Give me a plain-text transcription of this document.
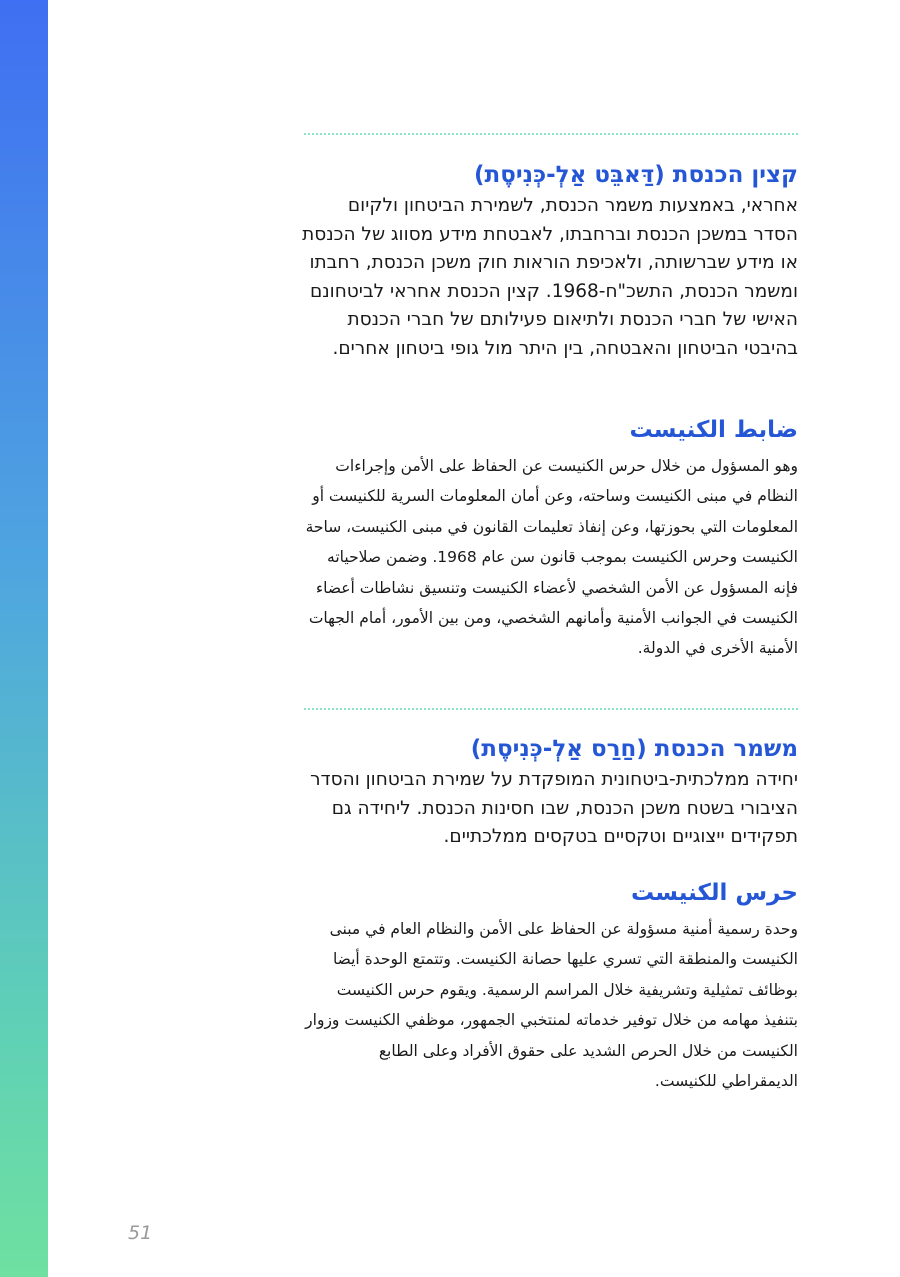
קצין הכנסת (דַּאבֵּט אַלְ-כְּנִיסֶת)

אחראי, באמצעות משמר הכנסת, לשמירת הביטחון ולקיום הסדר במשכן הכנסת וברחבתו, לאבטחת מידע מסווג של הכנסת או מידע שברשותה, ולאכיפת הוראות חוק משכן הכנסת, רחבתו ומשמר הכנסת, התשכ"ח-1968. קצין הכנסת אחראי לביטחונם האישי של חברי הכנסת ולתיאום פעילותם של חברי הכנסת בהיבטי הביטחון והאבטחה, בין היתר מול גופי ביטחון אחרים.

ضابط الكنيست

وهو المسؤول من خلال حرس الكنيست عن الحفاظ على الأمن وإجراءات النظام في مبنى الكنيست وساحته، وعن أمان المعلومات السرية للكنيست أو المعلومات التي بحوزتها، وعن إنفاذ تعليمات القانون في مبنى الكنيست، ساحة الكنيست وحرس الكنيست بموجب قانون سن عام 1968. وضمن صلاحياته فإنه المسؤول عن الأمن الشخصي لأعضاء الكنيست وتنسيق نشاطات أعضاء الكنيست في الجوانب الأمنية وأمانهم الشخصي، ومن بين الأمور، أمام الجهات الأمنية الأخرى في الدولة.

משמר הכנסת (חַרַס אַלְ-כְּנִיסֶת)

יחידה ממלכתית-ביטחונית המופקדת על שמירת הביטחון והסדר הציבורי בשטח משכן הכנסת, שבו חסינות הכנסת. ליחידה גם תפקידים ייצוגיים וטקסיים בטקסים ממלכתיים.

حرس الكنيست

وحدة رسمية أمنية مسؤولة عن الحفاظ على الأمن والنظام العام في مبنى الكنيست والمنطقة التي تسري عليها حصانة الكنيست. وتتمتع الوحدة أيضا بوظائف تمثيلية وتشريفية خلال المراسم الرسمية. ويقوم حرس الكنيست بتنفيذ مهامه من خلال توفير خدماته لمنتخبي الجمهور، موظفي الكنيست وزوار الكنيست من خلال الحرص الشديد على حقوق الأفراد وعلى الطابع الديمقراطي للكنيست.

51
